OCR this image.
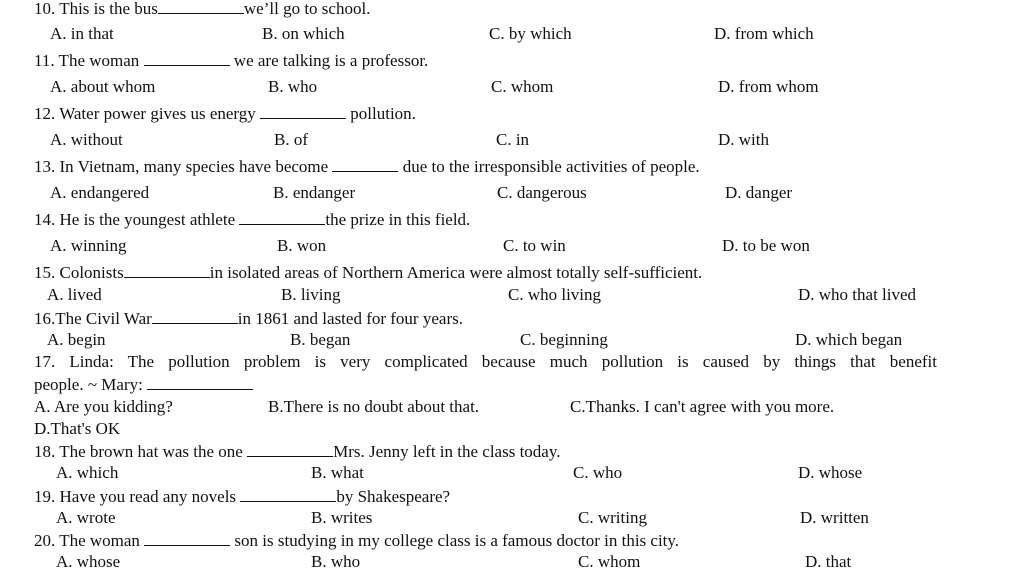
10. This is the bus	we’ll go to school.
A. in that	B. on which	C. by which	D. from which
11. The woman	we are talking is a professor.
A. about whom	B. who	C. whom	D. from whom
12. Water power gives us energy	pollution.
A. without	B. of	C. in	D. with
13. In Vietnam, many species have become	due to the irresponsible activities of people.
A. endangered	B. endanger	C. dangerous	D. danger
14. He is the youngest athlete	the prize in this field.
A. winning	B. won	C. to win	D. to be won
15. Colonists	in isolated areas of Northern America were almost totally self-sufficient.
A. lived	B. living	C. who living	D. who that lived
16.The Civil War	in 1861 and lasted for four years.
A. begin	B. began	C. beginning	D. which began
17. Linda: The pollution problem is very complicated because much pollution is caused by things that benefit
people. ~ Mary:
A. Are you kidding?	B.There is no doubt about that.	C.Thanks. I can't agree with you more.
D.That's OK
18. The brown hat was the one	Mrs. Jenny left in the class today.
A. which	B. what	C. who	D. whose
19. Have you read any novels	by Shakespeare?
A. wrote	B. writes	C. writing	D. written
20. The woman	son is studying in my college class is a famous doctor in this city.
A. whose	B. who	C. whom	D. that
